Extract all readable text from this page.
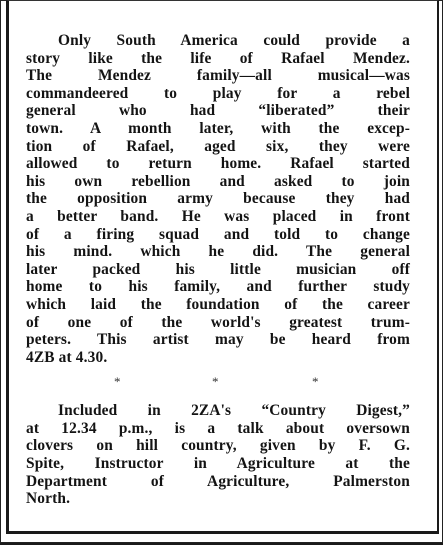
Only South America could provide a
story like the life of Rafael Mendez.
The Mendez family—all musical—was
commandeered to play for a rebel
general who had “liberated” their
town. A month later, with the excep-
tion of Rafael, aged six, they were
allowed to return home. Rafael started
his own rebellion and asked to join
the opposition army because they had
a better band. He was placed in front
of a firing squad and told to change
his mind. which he did. The general
later packed his little musician off
home to his family, and further study
which laid the foundation of the career
of one of the world's greatest trum-
peters. This artist may be heard from
4ZB at 4.30.

*	*	*

Included in 2ZA's “Country Digest,”
at 12.34 p.m., is a talk about oversown
clovers on hill country, given by F. G.
Spite, Instructor in Agriculture at the
Department of Agriculture, Palmerston
North.
